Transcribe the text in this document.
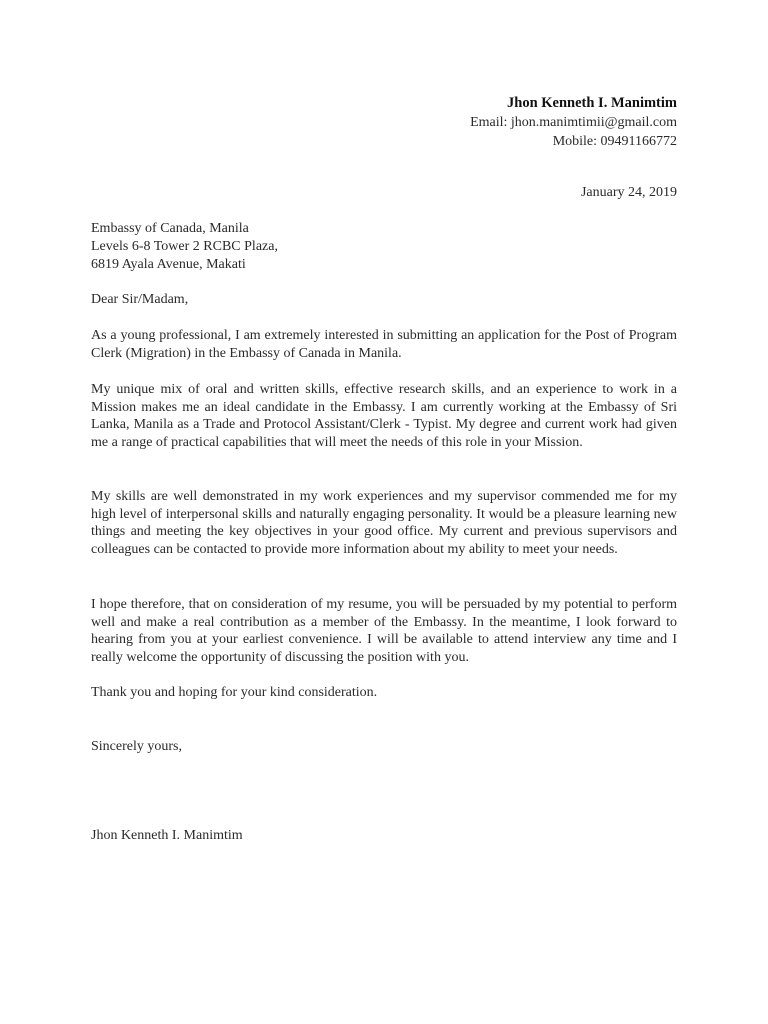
Jhon Kenneth I. Manimtim
Email: jhon.manimtimii@gmail.com
Mobile: 09491166772
January 24, 2019
Embassy of Canada, Manila
Levels 6-8 Tower 2 RCBC Plaza,
6819 Ayala Avenue, Makati
Dear Sir/Madam,
As a young professional, I am extremely interested in submitting an application for the Post of Program Clerk (Migration) in the Embassy of Canada in Manila.
My unique mix of oral and written skills, effective research skills, and an experience to work in a Mission makes me an ideal candidate in the Embassy. I am currently working at the Embassy of Sri Lanka, Manila as a Trade and Protocol Assistant/Clerk - Typist. My degree and current work had given me a range of practical capabilities that will meet the needs of this role in your Mission.
My skills are well demonstrated in my work experiences and my supervisor commended me for my high level of interpersonal skills and naturally engaging personality. It would be a pleasure learning new things and meeting the key objectives in your good office. My current and previous supervisors and colleagues can be contacted to provide more information about my ability to meet your needs.
I hope therefore, that on consideration of my resume, you will be persuaded by my potential to perform well and make a real contribution as a member of the Embassy. In the meantime, I look forward to hearing from you at your earliest convenience. I will be available to attend interview any time and I really welcome the opportunity of discussing the position with you.
Thank you and hoping for your kind consideration.
Sincerely yours,
Jhon Kenneth I. Manimtim
